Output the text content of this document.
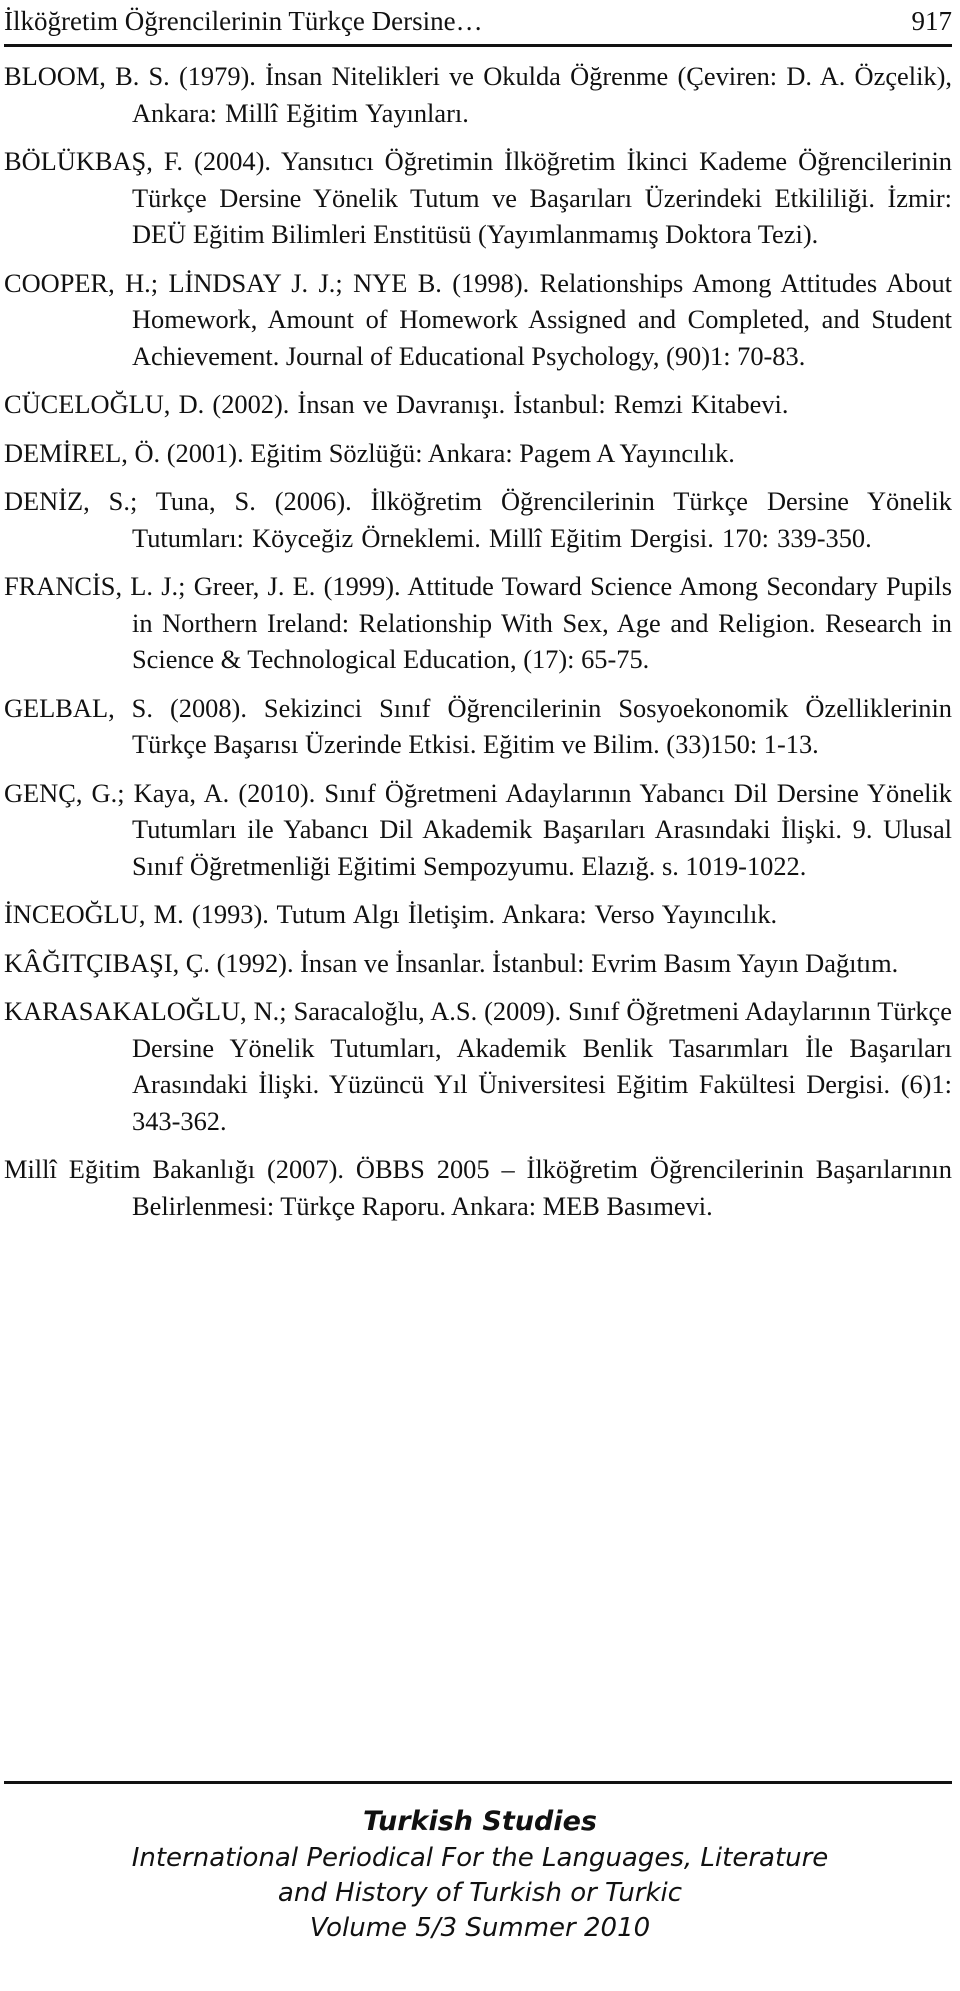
İlköğretim Öğrencilerinin Türkçe Dersine…	917
BLOOM, B. S. (1979). İnsan Nitelikleri ve Okulda Öğrenme (Çeviren: D. A. Özçelik), Ankara: Millî Eğitim Yayınları.
BÖLÜKBAŞ, F. (2004). Yansıtıcı Öğretimin İlköğretim İkinci Kademe Öğrencilerinin Türkçe Dersine Yönelik Tutum ve Başarıları Üzerindeki Etkililiği. İzmir: DEÜ Eğitim Bilimleri Enstitüsü (Yayımlanmamış Doktora Tezi).
COOPER, H.; LİNDSAY J. J.; NYE B. (1998). Relationships Among Attitudes About Homework, Amount of Homework Assigned and Completed, and Student Achievement. Journal of Educational Psychology, (90)1: 70-83.
CÜCELOĞLU, D. (2002). İnsan ve Davranışı. İstanbul: Remzi Kitabevi.
DEMİREL, Ö. (2001). Eğitim Sözlüğü: Ankara: Pagem A Yayıncılık.
DENİZ, S.; Tuna, S. (2006). İlköğretim Öğrencilerinin Türkçe Dersine Yönelik Tutumları: Köyceğiz Örneklemi. Millî Eğitim Dergisi. 170: 339-350.
FRANCİS, L. J.; Greer, J. E. (1999). Attitude Toward Science Among Secondary Pupils in Northern Ireland: Relationship With Sex, Age and Religion. Research in Science & Technological Education, (17): 65-75.
GELBAL, S. (2008). Sekizinci Sınıf Öğrencilerinin Sosyoekonomik Özelliklerinin Türkçe Başarısı Üzerinde Etkisi. Eğitim ve Bilim. (33)150: 1-13.
GENÇ, G.; Kaya, A. (2010). Sınıf Öğretmeni Adaylarının Yabancı Dil Dersine Yönelik Tutumları ile Yabancı Dil Akademik Başarıları Arasındaki İlişki. 9. Ulusal Sınıf Öğretmenliği Eğitimi Sempozyumu. Elazığ. s. 1019-1022.
İNCEOĞLU, M. (1993). Tutum Algı İletişim. Ankara: Verso Yayıncılık.
KÂĞITÇIBAŞI, Ç. (1992). İnsan ve İnsanlar. İstanbul: Evrim Basım Yayın Dağıtım.
KARASAKALOĞLU, N.; Saracaloğlu, A.S. (2009). Sınıf Öğretmeni Adaylarının Türkçe Dersine Yönelik Tutumları, Akademik Benlik Tasarımları İle Başarıları Arasındaki İlişki. Yüzüncü Yıl Üniversitesi Eğitim Fakültesi Dergisi. (6)1: 343-362.
Millî Eğitim Bakanlığı (2007). ÖBBS 2005 – İlköğretim Öğrencilerinin Başarılarının Belirlenmesi: Türkçe Raporu. Ankara: MEB Basımevi.
Turkish Studies
International Periodical For the Languages, Literature
and History of Turkish or Turkic
Volume 5/3 Summer 2010
